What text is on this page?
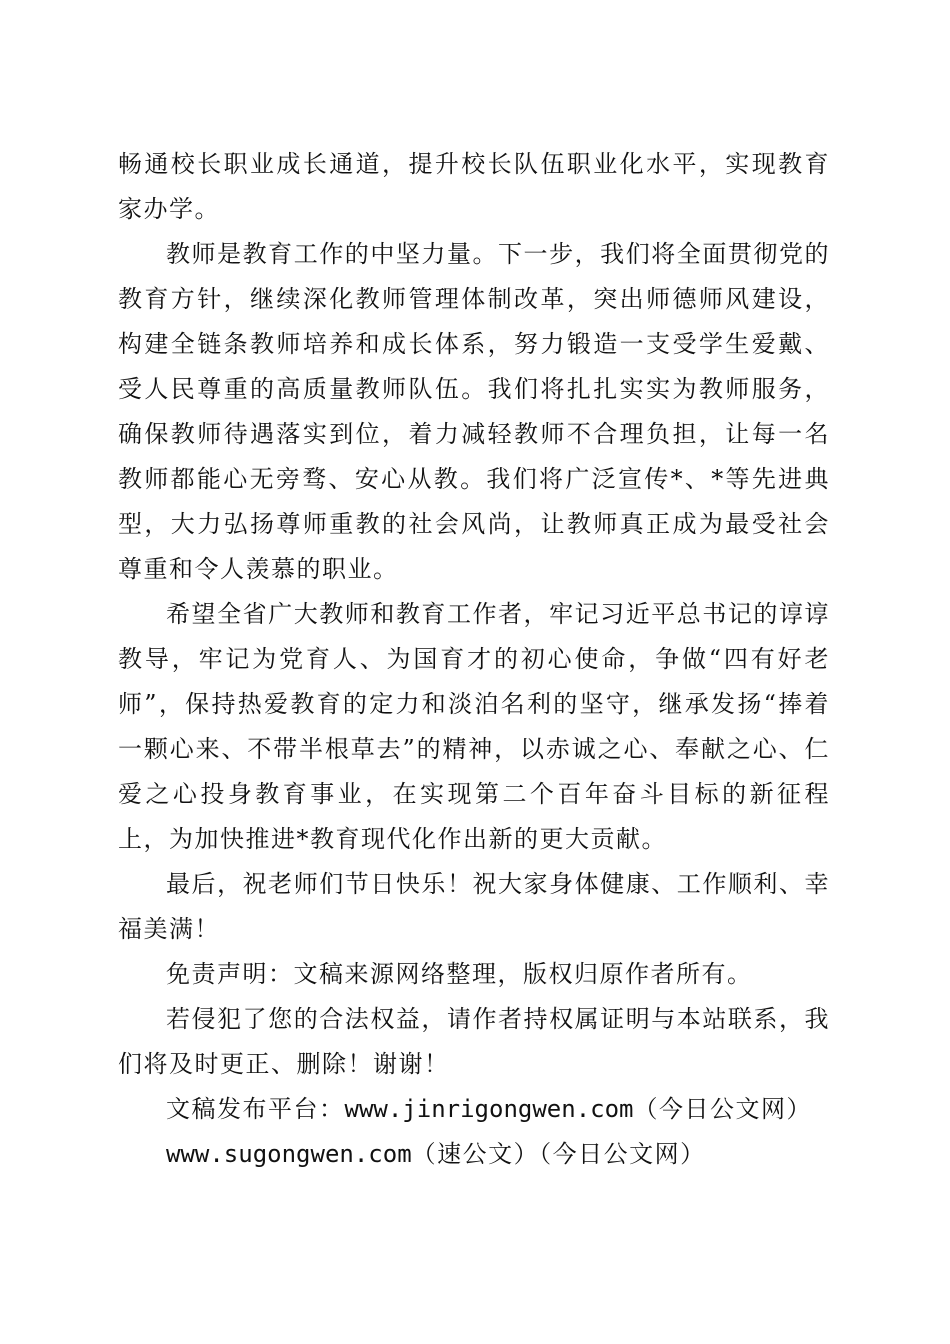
畅通校长职业成长通道，提升校长队伍职业化水平，实现教育家办学。

教师是教育工作的中坚力量。下一步，我们将全面贯彻党的教育方针，继续深化教师管理体制改革，突出师德师风建设，构建全链条教师培养和成长体系，努力锻造一支受学生爱戴、受人民尊重的高质量教师队伍。我们将扎扎实实为教师服务，确保教师待遇落实到位，着力减轻教师不合理负担，让每一名教师都能心无旁骛、安心从教。我们将广泛宣传*、*等先进典型，大力弘扬尊师重教的社会风尚，让教师真正成为最受社会尊重和令人羡慕的职业。

希望全省广大教师和教育工作者，牢记习近平总书记的谆谆教导，牢记为党育人、为国育才的初心使命，争做“四有好老师”，保持热爱教育的定力和淡泊名利的坚守，继承发扬“捧着一颗心来、不带半根草去”的精神，以赤诚之心、奉献之心、仁爱之心投身教育事业，在实现第二个百年奋斗目标的新征程上，为加快推进*教育现代化作出新的更大贡献。

最后，祝老师们节日快乐！祝大家身体健康、工作顺利、幸福美满！

免责声明：文稿来源网络整理，版权归原作者所有。

若侵犯了您的合法权益，请作者持权属证明与本站联系，我们将及时更正、删除！谢谢！

文稿发布平台：www.jinrigongwen.com（今日公文网）

www.sugongwen.com（速公文）（今日公文网）
